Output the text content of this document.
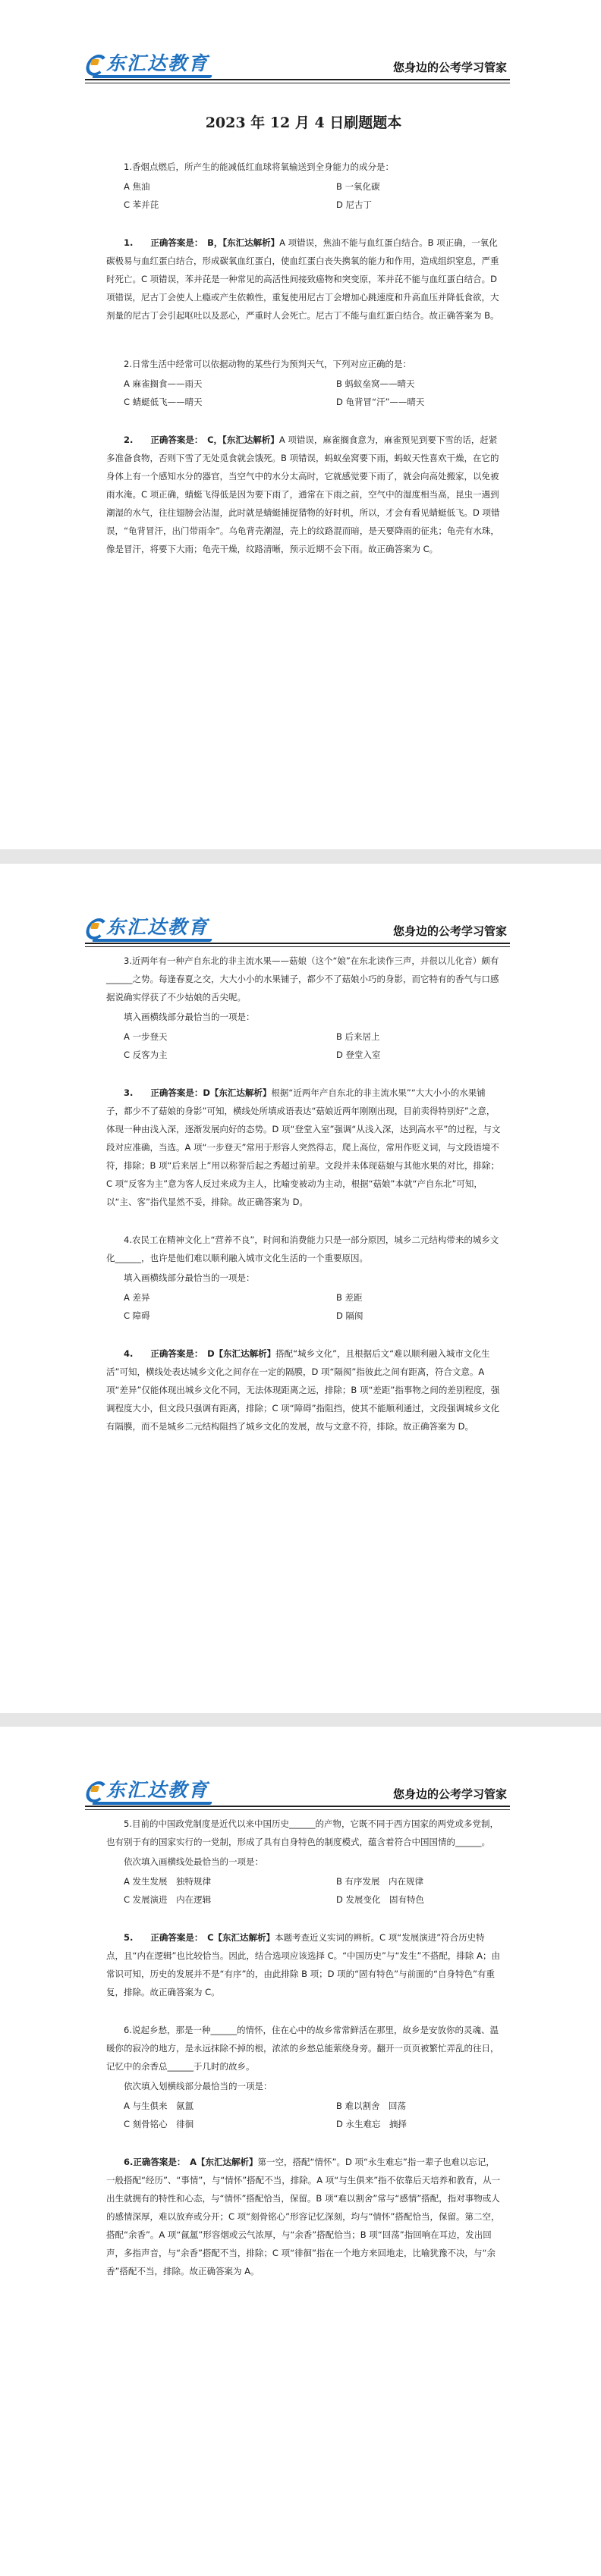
东汇达教育	您身边的公考学习管家
2023 年 12 月 4 日刷题题本

1.香烟点燃后，所产生的能减低红血球将氧输送到全身能力的成分是：

A 焦油	B 一氧化碳
C 苯并芘	D 尼古丁

1.　　正确答案是：　B，【东汇达解析】A 项错误，焦油不能与血红蛋白结合。B 项正确，一氧化碳极易与血红蛋白结合，形成碳氧血红蛋白，使血红蛋白丧失携氧的能力和作用，造成组织窒息，严重时死亡。C 项错误，苯并芘是一种常见的高活性间接致癌物和突变原，苯并芘不能与血红蛋白结合。D 项错误，尼古丁会使人上瘾或产生依赖性，重复使用尼古丁会增加心跳速度和升高血压并降低食欲，大剂量的尼古丁会引起呕吐以及恶心，严重时人会死亡。尼古丁不能与血红蛋白结合。故正确答案为 B。

2.日常生活中经常可以依据动物的某些行为预判天气，下列对应正确的是：

A 麻雀搁食——雨天	B 蚂蚁垒窝——晴天
C 蜻蜓低飞——晴天	D 龟背冒“汗”——晴天

2.　　正确答案是：　C，【东汇达解析】A 项错误，麻雀搁食意为，麻雀预见到要下雪的话，赶紧多准备食物，否则下雪了无处觅食就会饿死。B 项错误，蚂蚁垒窝要下雨，蚂蚁天性喜欢干燥，在它的身体上有一个感知水分的器官，当空气中的水分太高时，它就感觉要下雨了，就会向高处搬家，以免被雨水淹。C 项正确，蜻蜓飞得低是因为要下雨了，通常在下雨之前，空气中的湿度相当高，昆虫一遇到潮湿的水气，往往翅膀会沾湿，此时就是蜻蜓捕捉猎物的好时机，所以，才会有看见蜻蜓低飞。D 项错误，“龟背冒汗，出门带雨伞”。乌龟背壳潮湿，壳上的纹路混而暗，是天要降雨的征兆；龟壳有水珠，像是冒汗，将要下大雨；龟壳干燥，纹路清晰，预示近期不会下雨。故正确答案为 C。

东汇达教育	您身边的公考学习管家

3.近两年有一种产自东北的非主流水果——菇娘（这个“娘”在东北读作三声，并很以儿化音）颇有______之势。每逢春夏之交，大大小小的水果铺子，都少不了菇娘小巧的身影，而它特有的香气与口感据说确实俘获了不少姑娘的舌尖呢。

填入画横线部分最恰当的一项是：
A 一步登天	B 后来居上
C 反客为主	D 登堂入室

3.　　正确答案是：D【东汇达解析】根据“近两年产自东北的非主流水果”“大大小小的水果铺子，都少不了菇娘的身影”可知，横线处所填成语表达“菇娘近两年刚刚出现，目前卖得特别好”之意，体现一种由浅入深，逐渐发展向好的态势。D 项“登堂入室”强调“从浅入深，达到高水平”的过程，与文段对应准确，当选。A 项“一步登天”常用于形容人突然得志，爬上高位，常用作贬义词，与文段语境不符，排除；B 项“后来居上”用以称誉后起之秀超过前辈。文段并未体现菇娘与其他水果的对比，排除；C 项“反客为主”意为客人反过来成为主人，比喻变被动为主动，根据“菇娘”本就“产自东北”可知，以“主、客”指代显然不妥，排除。故正确答案为 D。

4.农民工在精神文化上“营养不良”，时间和消费能力只是一部分原因，城乡二元结构带来的城乡文化______，也许是他们难以顺利融入城市文化生活的一个重要原因。

填入画横线部分最恰当的一项是：
A 差异	B 差距
C 障碍	D 隔阂

4.　　正确答案是：　D【东汇达解析】搭配“城乡文化”，且根据后文“难以顺利融入城市文化生活”可知，横线处表达城乡文化之间存在一定的隔膜，D 项“隔阂”指彼此之间有距离，符合文意。A 项“差异”仅能体现出城乡文化不同，无法体现距离之远，排除；B 项“差距”指事物之间的差别程度，强调程度大小，但文段只强调有距离，排除；C 项“障碍”指阻挡，使其不能顺利通过，文段强调城乡文化有隔膜，而不是城乡二元结构阻挡了城乡文化的发展，故与文意不符，排除。故正确答案为 D。

东汇达教育	您身边的公考学习管家

5.目前的中国政党制度是近代以来中国历史______的产物，它既不同于西方国家的两党或多党制，也有别于有的国家实行的一党制，形成了具有自身特色的制度模式，蕴含着符合中国国情的______。

依次填入画横线处最恰当的一项是：
A 发生发展　独特规律	B 有序发展　内在规律
C 发展演进　内在逻辑	D 发展变化　固有特色

5.　　正确答案是：　C【东汇达解析】本题考查近义实词的辨析。C 项“发展演进”符合历史特点，且“内在逻辑”也比较恰当。因此，结合选项应该选择 C。“中国历史”与“发生”不搭配，排除 A；由常识可知，历史的发展并不是“有序”的，由此排除 B 项；D 项的“固有特色”与前面的“自身特色”有重复，排除。故正确答案为 C。

6.说起乡愁，那是一种______的情怀，住在心中的故乡常常鲜活在那里，故乡是安放你的灵魂、温暖你的寂冷的地方，是永远抹除不掉的根，浓浓的乡愁总能萦绕身旁。翻开一页页被繁忙弄乱的往日，记忆中的余香总______于几时的故乡。

依次填入划横线部分最恰当的一项是：
A 与生俱来　氤氲	B 难以割舍　回荡
C 刻骨铭心　徘徊	D 永生难忘　摘择

6.正确答案是：　A【东汇达解析】第一空，搭配“情怀”。D 项“永生难忘”指一辈子也难以忘记，一般搭配“经历”、“事情”，与“情怀”搭配不当，排除。A 项“与生俱来”指不依靠后天培养和教育，从一出生就拥有的特性和心态，与“情怀”搭配恰当，保留。B 项“难以割舍”常与“感情”搭配，指对事物或人的感情深厚，难以放弃或分开；C 项“刻骨铭心”形容记忆深刻，均与“情怀”搭配恰当，保留。第二空，搭配“余香”。A 项“氤氲”形容烟或云气浓厚，与“余香”搭配恰当；B 项“回荡”指回响在耳边，发出回声，多指声音，与“余香”搭配不当，排除；C 项“徘徊”指在一个地方来回地走，比喻犹豫不决，与“余香”搭配不当，排除。故正确答案为 A。
